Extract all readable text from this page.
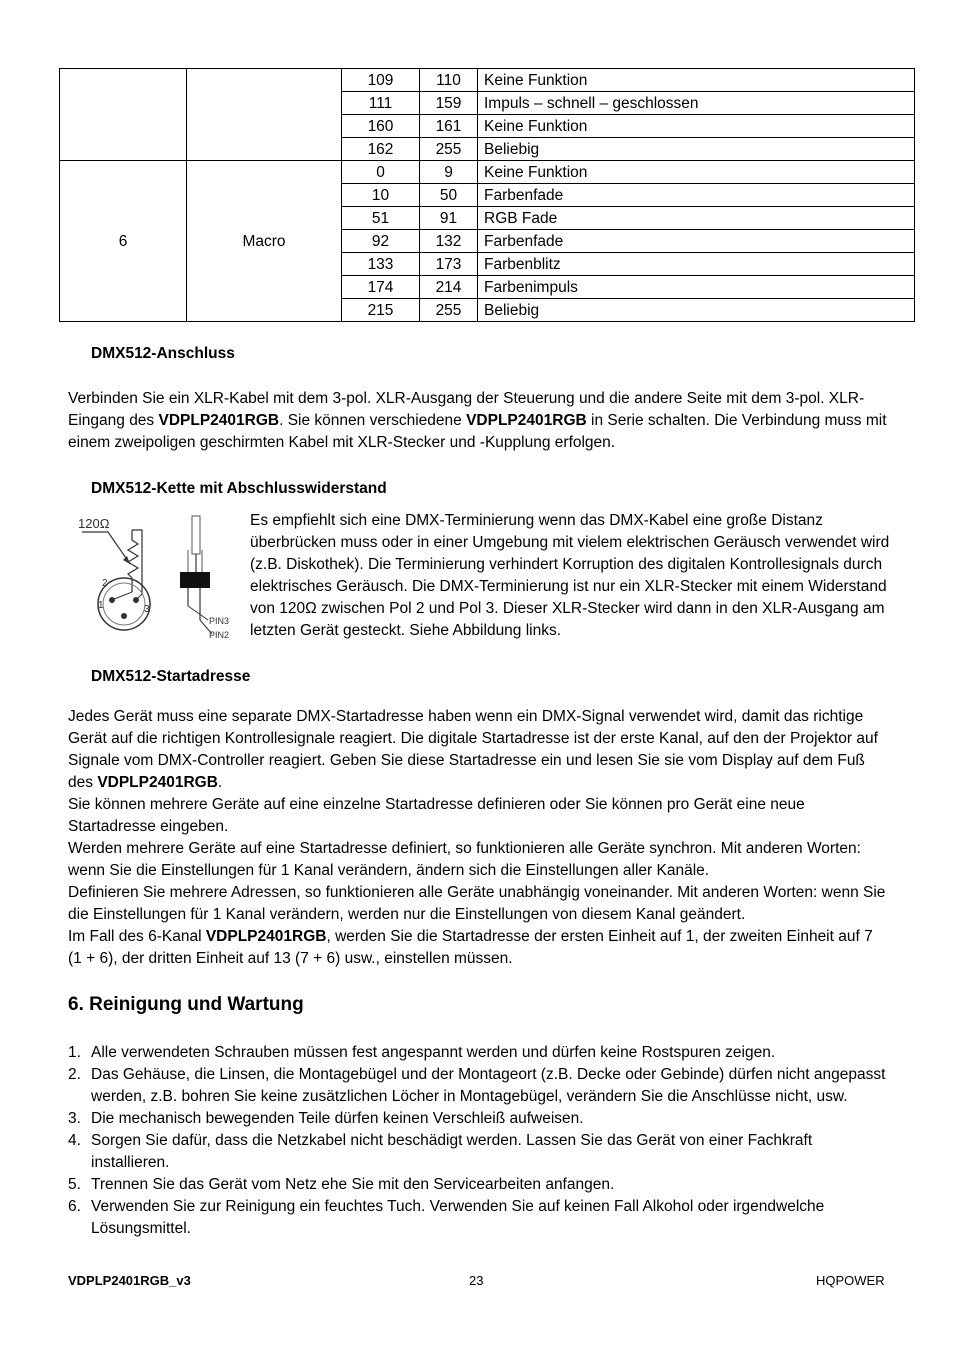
		109	110	Keine Funktion
		111	159	Impuls – schnell – geschlossen
		160	161	Keine Funktion
		162	255	Beliebig
6	Macro	0	9	Keine Funktion
		10	50	Farbenfade
		51	91	RGB Fade
		92	132	Farbenfade
		133	173	Farbenblitz
		174	214	Farbenimpuls
		215	255	Beliebig
DMX512-Anschluss
Verbinden Sie ein XLR-Kabel mit dem 3-pol. XLR-Ausgang der Steuerung und die andere Seite mit dem 3-pol. XLR-Eingang des VDPLP2401RGB. Sie können verschiedene VDPLP2401RGB in Serie schalten. Die Verbindung muss mit einem zweipoligen geschirmten Kabel mit XLR-Stecker und -Kupplung erfolgen.
DMX512-Kette mit Abschlusswiderstand
120Ω
2
1	3
PIN3
PIN2
Es empfiehlt sich eine DMX-Terminierung wenn das DMX-Kabel eine große Distanz überbrücken muss oder in einer Umgebung mit vielem elektrischen Geräusch verwendet wird (z.B. Diskothek). Die Terminierung verhindert Korruption des digitalen Kontrollesignals durch elektrisches Geräusch. Die DMX-Terminierung ist nur ein XLR-Stecker mit einem Widerstand von 120Ω zwischen Pol 2 und Pol 3. Dieser XLR-Stecker wird dann in den XLR-Ausgang am letzten Gerät gesteckt. Siehe Abbildung links.
DMX512-Startadresse
Jedes Gerät muss eine separate DMX-Startadresse haben wenn ein DMX-Signal verwendet wird, damit das richtige Gerät auf die richtigen Kontrollesignale reagiert. Die digitale Startadresse ist der erste Kanal, auf den der Projektor auf Signale vom DMX-Controller reagiert. Geben Sie diese Startadresse ein und lesen Sie sie vom Display auf dem Fuß des VDPLP2401RGB.
Sie können mehrere Geräte auf eine einzelne Startadresse definieren oder Sie können pro Gerät eine neue Startadresse eingeben.
Werden mehrere Geräte auf eine Startadresse definiert, so funktionieren alle Geräte synchron. Mit anderen Worten: wenn Sie die Einstellungen für 1 Kanal verändern, ändern sich die Einstellungen aller Kanäle.
Definieren Sie mehrere Adressen, so funktionieren alle Geräte unabhängig voneinander. Mit anderen Worten: wenn Sie die Einstellungen für 1 Kanal verändern, werden nur die Einstellungen von diesem Kanal geändert.
Im Fall des 6-Kanal VDPLP2401RGB, werden Sie die Startadresse der ersten Einheit auf 1, der zweiten Einheit auf 7 (1 + 6), der dritten Einheit auf 13 (7 + 6) usw., einstellen müssen.
6. Reinigung und Wartung
1. Alle verwendeten Schrauben müssen fest angespannt werden und dürfen keine Rostspuren zeigen.
2. Das Gehäuse, die Linsen, die Montagebügel und der Montageort (z.B. Decke oder Gebinde) dürfen nicht angepasst werden, z.B. bohren Sie keine zusätzlichen Löcher in Montagebügel, verändern Sie die Anschlüsse nicht, usw.
3. Die mechanisch bewegenden Teile dürfen keinen Verschleiß aufweisen.
4. Sorgen Sie dafür, dass die Netzkabel nicht beschädigt werden. Lassen Sie das Gerät von einer Fachkraft installieren.
5. Trennen Sie das Gerät vom Netz ehe Sie mit den Servicearbeiten anfangen.
6. Verwenden Sie zur Reinigung ein feuchtes Tuch. Verwenden Sie auf keinen Fall Alkohol oder irgendwelche Lösungsmittel.
VDPLP2401RGB_v3	23	HQPOWER
